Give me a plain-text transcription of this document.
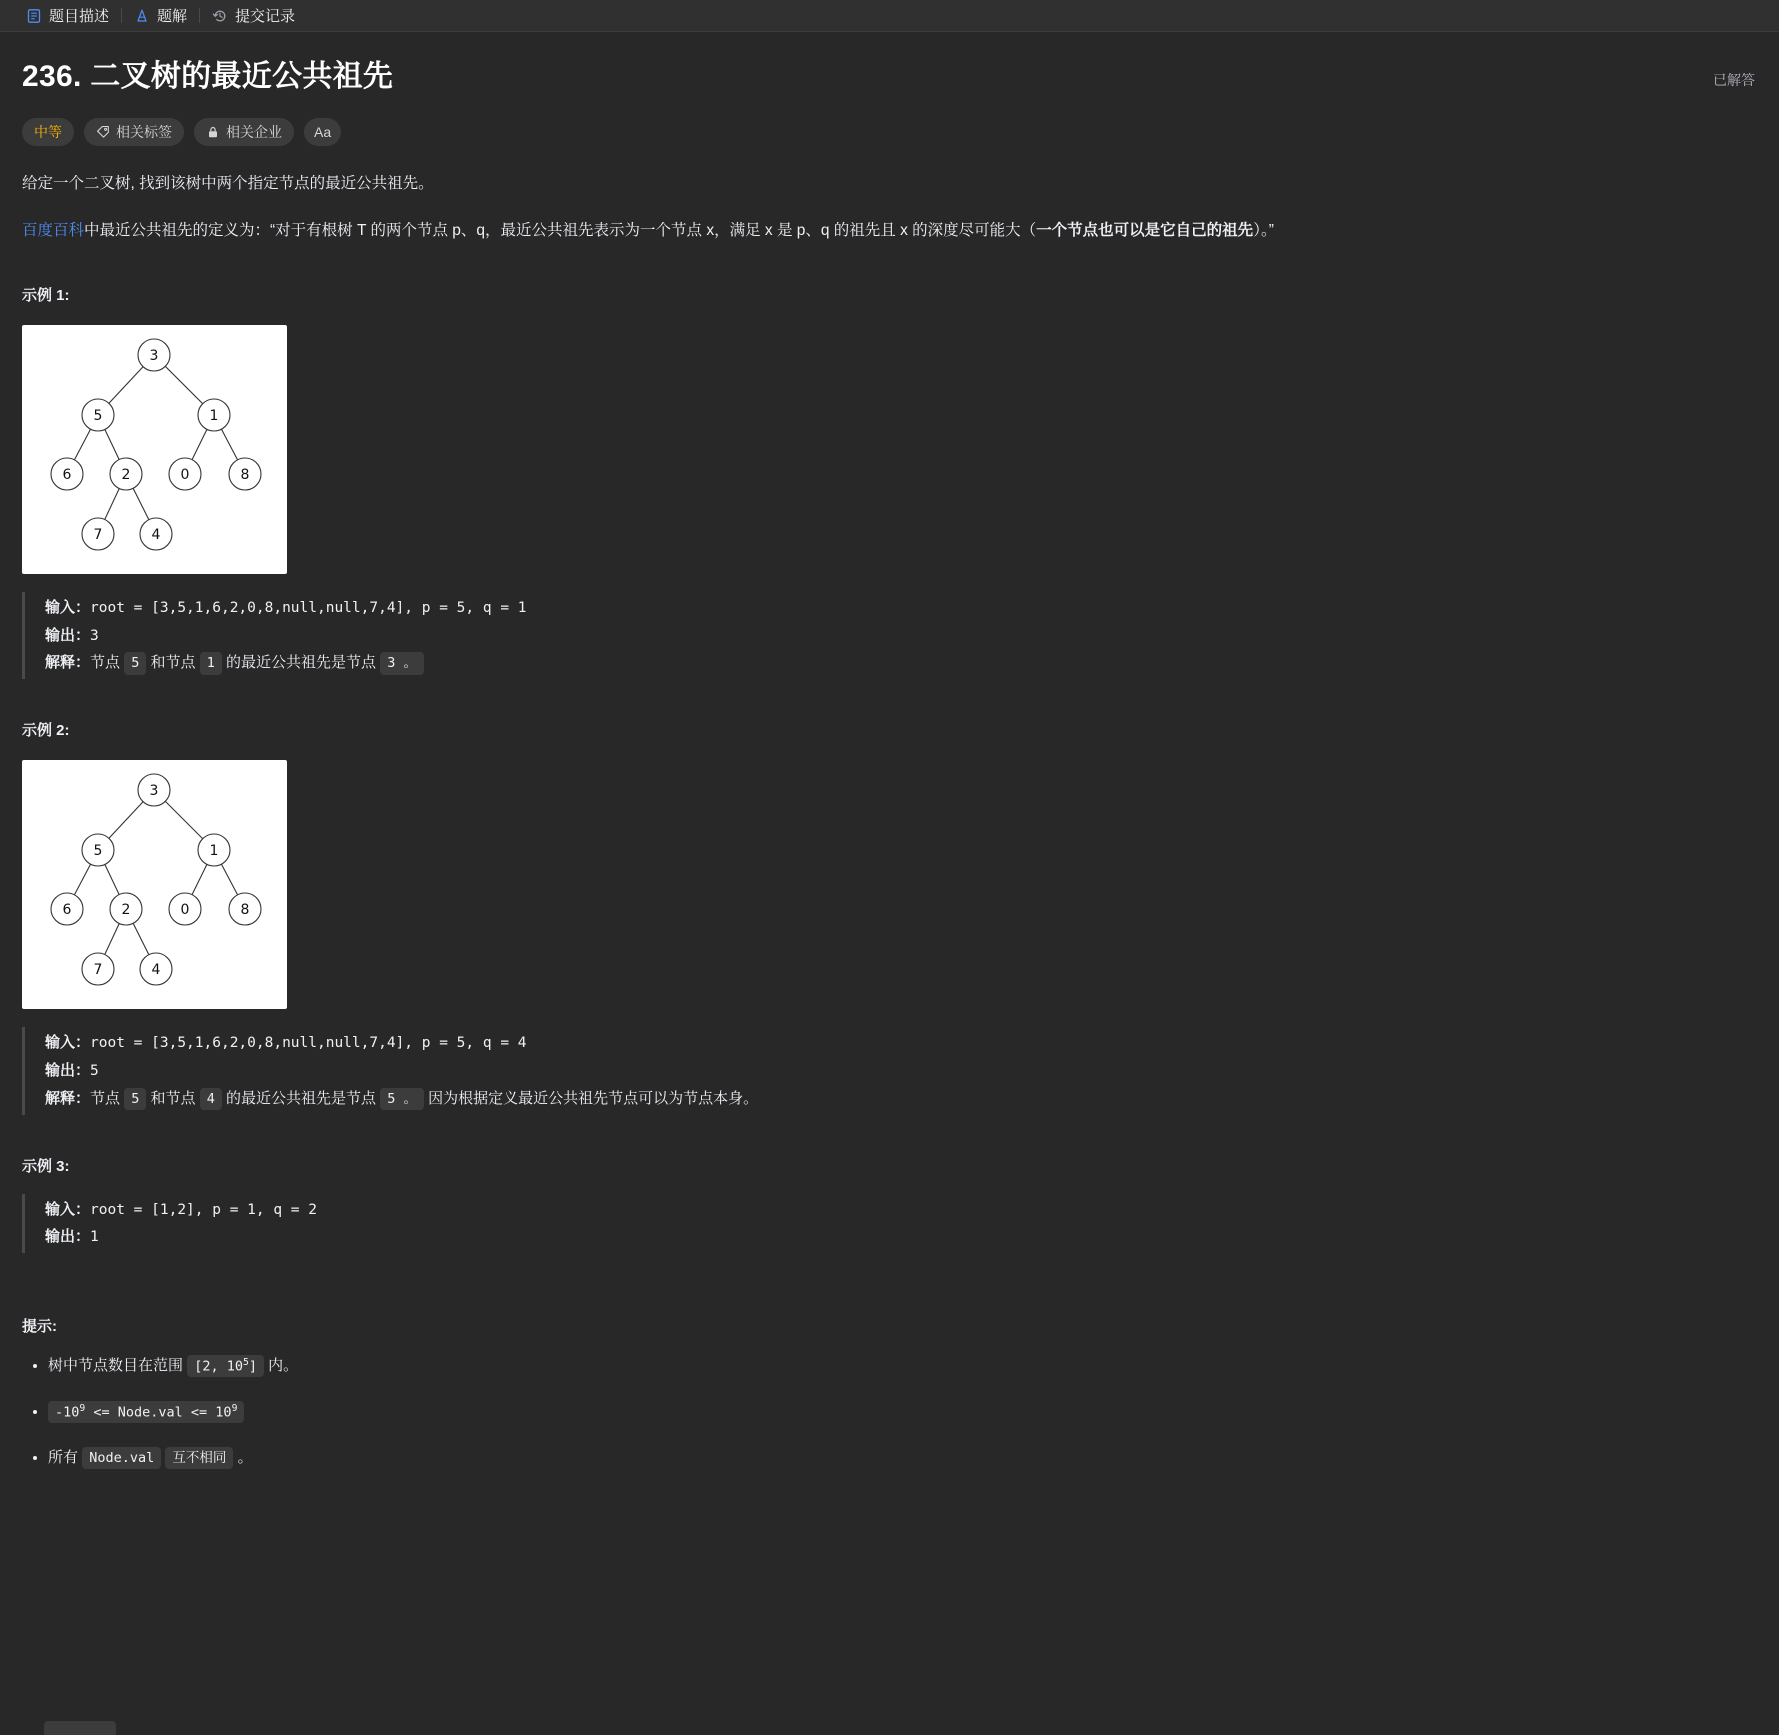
题目描述	题解	提交记录
236. 二叉树的最近公共祖先	已解答
中等	相关标签	相关企业 Aa

给定一个二叉树, 找到该树中两个指定节点的最近公共祖先。

百度百科中最近公共祖先的定义为：“对于有根树 T 的两个节点 p、q，最近公共祖先表示为一个节点 x，满足 x 是 p、q 的祖先且 x 的深度尽可能大（一个节点也可以是它自己的祖先）。”

示例 1:
3
5	1
6	2	0	8
7	4
输入：root = [3,5,1,6,2,0,8,null,null,7,4], p = 5, q = 1
输出：3
解释：节点 5 和节点 1 的最近公共祖先是节点 3 。
示例 2:
3
5	1
6	2	0	8
7	4
输入：root = [3,5,1,6,2,0,8,null,null,7,4], p = 5, q = 4
输出：5
解释：节点 5 和节点 4 的最近公共祖先是节点 5 。 因为根据定义最近公共祖先节点可以为节点本身。
示例 3:
输入：root = [1,2], p = 1, q = 2
输出：1
提示:
• 树中节点数目在范围 [2, $10^5$] 内。
• $-10^9$ <= Node.val <= $10^9$
• 所有 Node.val 互不相同 。
